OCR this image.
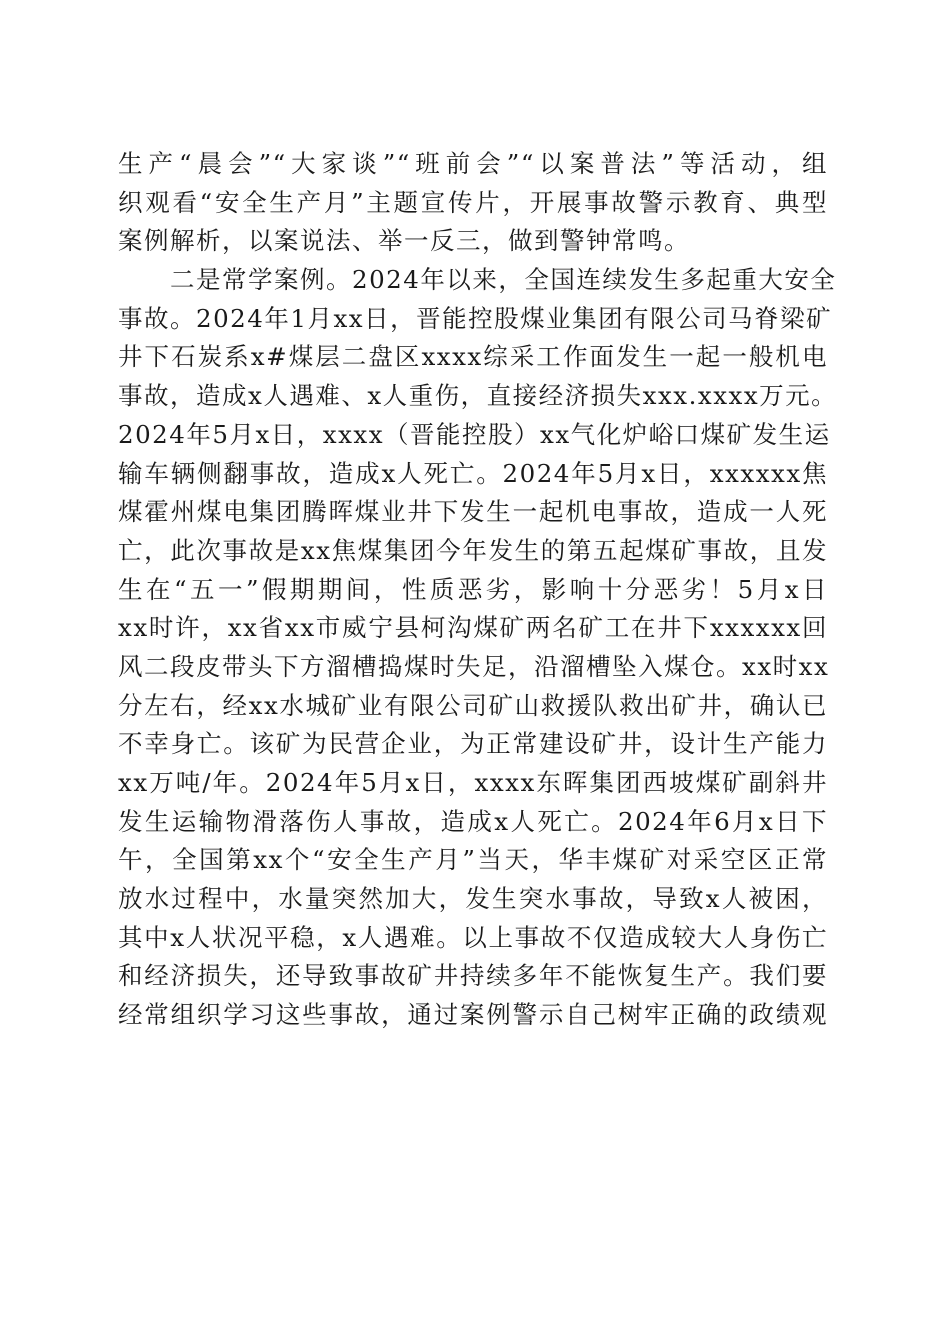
生产“晨会”“大家谈”“班前会”“以案普法”等活动，组
织观看“安全生产月”主题宣传片，开展事故警示教育、典型
案例解析，以案说法、举一反三，做到警钟常鸣。
　　二是常学案例。2024年以来，全国连续发生多起重大安全
事故。2024年1月xx日，晋能控股煤业集团有限公司马脊梁矿
井下石炭系x#煤层二盘区xxxx综采工作面发生一起一般机电
事故，造成x人遇难、x人重伤，直接经济损失xxx.xxxx万元。
2024年5月x日，xxxx（晋能控股）xx气化炉峪口煤矿发生运
输车辆侧翻事故，造成x人死亡。2024年5月x日，xxxxxx焦
煤霍州煤电集团腾晖煤业井下发生一起机电事故，造成一人死
亡，此次事故是xx焦煤集团今年发生的第五起煤矿事故，且发
生在“五一”假期期间，性质恶劣，影响十分恶劣！5月x日
xx时许，xx省xx市威宁县柯沟煤矿两名矿工在井下xxxxxx回
风二段皮带头下方溜槽捣煤时失足，沿溜槽坠入煤仓。xx时xx
分左右，经xx水城矿业有限公司矿山救援队救出矿井，确认已
不幸身亡。该矿为民营企业，为正常建设矿井，设计生产能力
xx万吨/年。2024年5月x日，xxxx东晖集团西坡煤矿副斜井
发生运输物滑落伤人事故，造成x人死亡。2024年6月x日下
午，全国第xx个“安全生产月”当天，华丰煤矿对采空区正常
放水过程中，水量突然加大，发生突水事故，导致x人被困，
其中x人状况平稳，x人遇难。以上事故不仅造成较大人身伤亡
和经济损失，还导致事故矿井持续多年不能恢复生产。我们要
经常组织学习这些事故，通过案例警示自己树牢正确的政绩观
